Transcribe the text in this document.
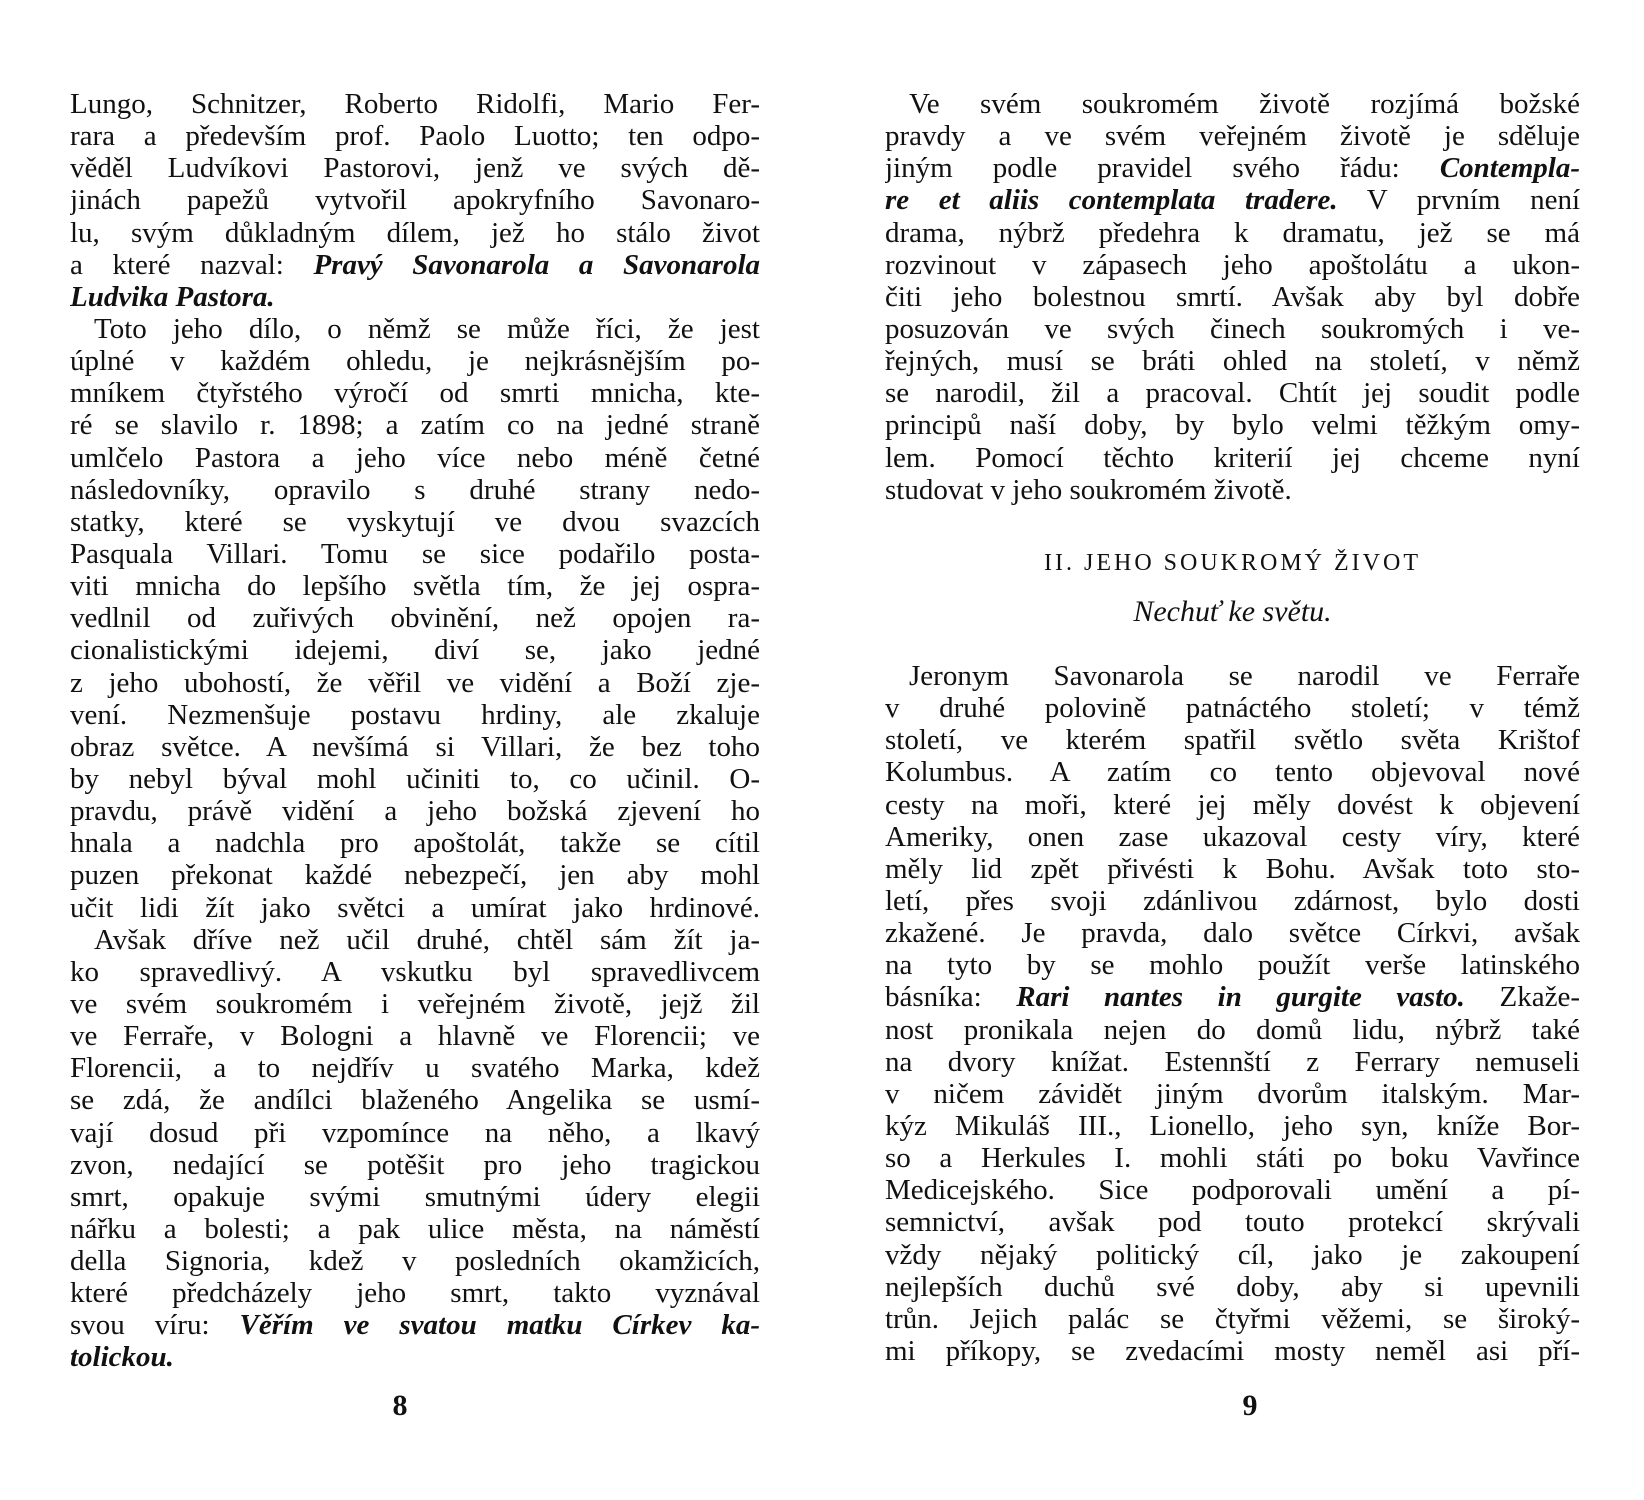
Lungo, Schnitzer, Roberto Ridolfi, Mario Fer-
rara a především prof. Paolo Luotto; ten odpo-
věděl Ludvíkovi Pastorovi, jenž ve svých dě-
jinách papežů vytvořil apokryfního Savonaro-
lu, svým důkladným dílem, jež ho stálo život
a které nazval: Pravý Savonarola a Savonarola
Ludvika Pastora.
Toto jeho dílo, o němž se může říci, že jest
úplné v každém ohledu, je nejkrásnějším po-
mníkem čtyřstého výročí od smrti mnicha, kte-
ré se slavilo r. 1898; a zatím co na jedné straně
umlčelo Pastora a jeho více nebo méně četné
následovníky, opravilo s druhé strany nedo-
statky, které se vyskytují ve dvou svazcích
Pasquala Villari. Tomu se sice podařilo posta-
viti mnicha do lepšího světla tím, že jej ospra-
vedlnil od zuřivých obvinění, než opojen ra-
cionalistickými idejemi, diví se, jako jedné
z jeho ubohostí, že věřil ve vidění a Boží zje-
vení. Nezmenšuje postavu hrdiny, ale zkaluje
obraz světce. A nevšímá si Villari, že bez toho
by nebyl býval mohl učiniti to, co učinil. O-
pravdu, právě vidění a jeho božská zjevení ho
hnala a nadchla pro apoštolát, takže se cítil
puzen překonat každé nebezpečí, jen aby mohl
učit lidi žít jako světci a umírat jako hrdinové.
Avšak dříve než učil druhé, chtěl sám žít ja-
ko spravedlivý. A vskutku byl spravedlivcem
ve svém soukromém i veřejném životě, jejž žil
ve Ferraře, v Bologni a hlavně ve Florencii; ve
Florencii, a to nejdřív u svatého Marka, kdež
se zdá, že andílci blaženého Angelika se usmí-
vají dosud při vzpomínce na něho, a lkavý
zvon, nedající se potěšit pro jeho tragickou
smrt, opakuje svými smutnými údery elegii
nářku a bolesti; a pak ulice města, na náměstí
della Signoria, kdež v posledních okamžicích,
které předcházely jeho smrt, takto vyznával
svou víru: Věřím ve svatou matku Církev ka-
tolickou.
8
Ve svém soukromém životě rozjímá božské
pravdy a ve svém veřejném životě je sděluje
jiným podle pravidel svého řádu: Contempla-
re et aliis contemplata tradere. V prvním není
drama, nýbrž předehra k dramatu, jež se má
rozvinout v zápasech jeho apoštolátu a ukon-
čiti jeho bolestnou smrtí. Avšak aby byl dobře
posuzován ve svých činech soukromých i ve-
řejných, musí se bráti ohled na století, v němž
se narodil, žil a pracoval. Chtít jej soudit podle
principů naší doby, by bylo velmi těžkým omy-
lem. Pomocí těchto kriterií jej chceme nyní
studovat v jeho soukromém životě.
II. JEHO SOUKROMÝ ŽIVOT
Nechuť ke světu.
Jeronym Savonarola se narodil ve Ferraře
v druhé polovině patnáctého století; v témž
století, ve kterém spatřil světlo světa Krištof
Kolumbus. A zatím co tento objevoval nové
cesty na moři, které jej měly dovést k objevení
Ameriky, onen zase ukazoval cesty víry, které
měly lid zpět přivésti k Bohu. Avšak toto sto-
letí, přes svoji zdánlivou zdárnost, bylo dosti
zkažené. Je pravda, dalo světce Církvi, avšak
na tyto by se mohlo použít verše latinského
básníka: Rari nantes in gurgite vasto. Zkaže-
nost pronikala nejen do domů lidu, nýbrž také
na dvory knížat. Estennští z Ferrary nemuseli
v ničem závidět jiným dvorům italským. Mar-
kýz Mikuláš III., Lionello, jeho syn, kníže Bor-
so a Herkules I. mohli státi po boku Vavřince
Medicejského. Sice podporovali umění a pí-
semnictví, avšak pod touto protekcí skrývali
vždy nějaký politický cíl, jako je zakoupení
nejlepších duchů své doby, aby si upevnili
trůn. Jejich palác se čtyřmi věžemi, se široký-
mi příkopy, se zvedacími mosty neměl asi pří-
9
